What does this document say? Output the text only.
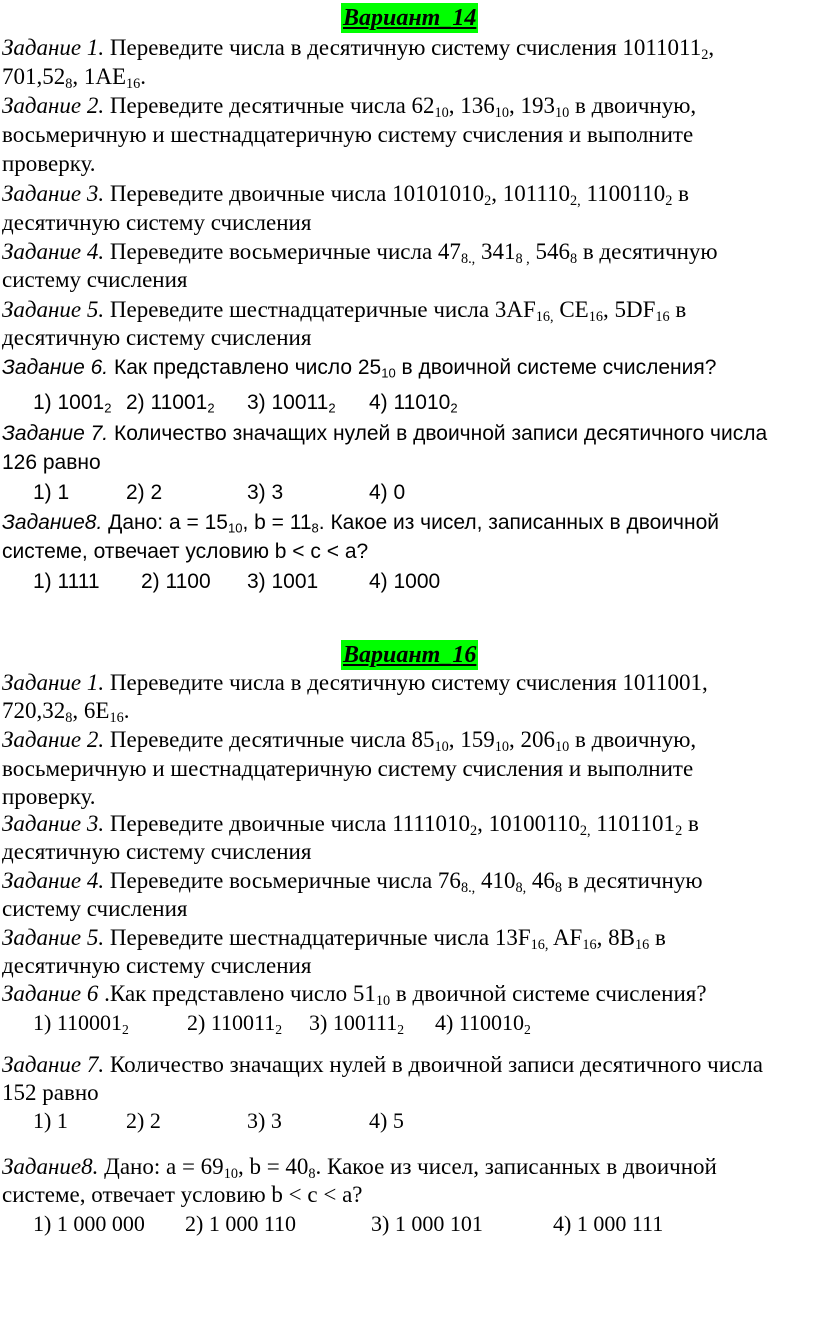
Вариант_14
Задание 1. Переведите числа в десятичную систему счисления $1011011_2$,
$701,52_8$, $1AE_{16}$.
Задание 2. Переведите десятичные числа $62_{10}$, $136_{10}$, $193_{10}$ в двоичную,
восьмеричную и шестнадцатеричную систему счисления и выполните
проверку.
Задание 3. Переведите двоичные числа $10101010_2$, $101110_{2,}$ $1100110_2$ в
десятичную систему счисления
Задание 4. Переведите восьмеричные числа $47_{8.,}$ $341_{8 ,}$ $546_8$ в десятичную
систему счисления
Задание 5. Переведите шестнадцатеричные числа $3AF_{16,}$ $CE_{16}$, $5DF_{16}$ в
десятичную систему счисления
Задание 6. Как представлено число $25_{10}$ в двоичной системе счисления?
1) $1001_2$ 2) $11001_2$ 3) $10011_2$ 4) $11010_2$
Задание 7. Количество значащих нулей в двоичной записи десятичного числа
126 равно
1) 1	2) 2	3) 3	4) 0
Задание8. Дано: $a = 15_{10}$, $b = 11_8$. Какое из чисел, записанных в двоичной
системе, отвечает условию b < c < a?
1) 1111 2) 1100 3) 1001 4) 1000
Вариант_16
Задание 1. Переведите числа в десятичную систему счисления 1011001,
$720,32_8$, $6E_{16}$.
Задание 2. Переведите десятичные числа $85_{10}$, $159_{10}$, $206_{10}$ в двоичную,
восьмеричную и шестнадцатеричную систему счисления и выполните
проверку.
Задание 3. Переведите двоичные числа $1111010_2$, $10100110_{2,}$ $1101101_2$ в
десятичную систему счисления
Задание 4. Переведите восьмеричные числа $76_{8.,}$ $410_{8,}$ $46_8$ в десятичную
систему счисления
Задание 5. Переведите шестнадцатеричные числа $13F_{16,}$ $AF_{16}$, $8B_{16}$ в
десятичную систему счисления
Задание 6 .Как представлено число $51_{10}$ в двоичной системе счисления?
1) $110001_2$	2) $110011_2$ 3) $100111_2$ 4) $110010_2$
Задание 7. Количество значащих нулей в двоичной записи десятичного числа
152 равно
1) 1	2) 2	3) 3	4) 5
Задание8. Дано: $a = 69_{10}$, $b = 40_8$. Какое из чисел, записанных в двоичной
системе, отвечает условию b < c < a?
1) 1 000 000 2) 1 000 110	3) 1 000 101	4) 1 000 111
